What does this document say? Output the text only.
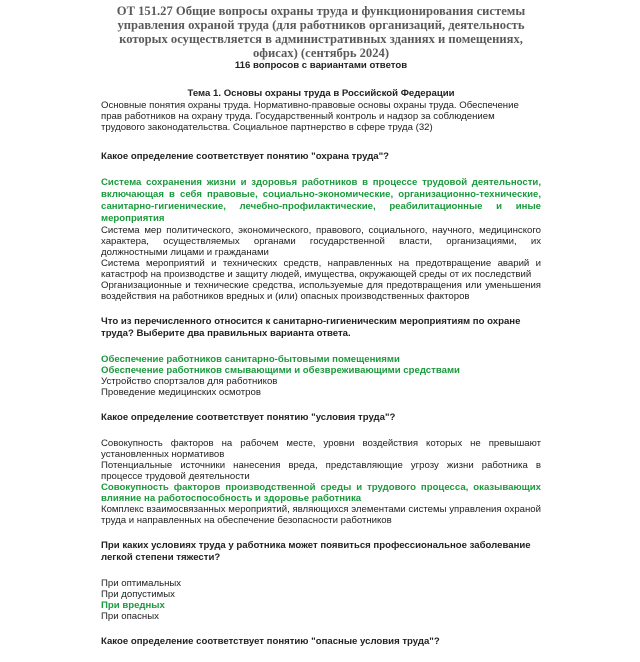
ОТ 151.27 Общие вопросы охраны труда и функционирования системы управления охраной труда (для работников организаций, деятельность которых осуществляется в административных зданиях и помещениях, офисах) (сентябрь 2024)

116 вопросов с вариантами ответов

Тема 1. Основы охраны труда в Российской Федерации

Основные понятия охраны труда. Нормативно-правовые основы охраны труда. Обеспечение прав работников на охрану труда. Государственный контроль и надзор за соблюдением трудового законодательства. Социальное партнерство в сфере труда (32)

Какое определение соответствует понятию "охрана труда"?

Система сохранения жизни и здоровья работников в процессе трудовой деятельности, включающая в себя правовые, социально-экономические, организационно-технические, санитарно-гигиенические, лечебно-профилактические, реабилитационные и иные мероприятия

Система мер политического, экономического, правового, социального, научного, медицинского характера, осуществляемых органами государственной власти, организациями, их должностными лицами и гражданами

Система мероприятий и технических средств, направленных на предотвращение аварий и катастроф на производстве и защиту людей, имущества, окружающей среды от их последствий

Организационные и технические средства, используемые для предотвращения или уменьшения воздействия на работников вредных и (или) опасных производственных факторов

Что из перечисленного относится к санитарно-гигиеническим мероприятиям по охране труда? Выберите два правильных варианта ответа.

Обеспечение работников санитарно-бытовыми помещениями

Обеспечение работников смывающими и обезвреживающими средствами

Устройство спортзалов для работников

Проведение медицинских осмотров

Какое определение соответствует понятию "условия труда"?

Совокупность факторов на рабочем месте, уровни воздействия которых не превышают установленных нормативов

Потенциальные источники нанесения вреда, представляющие угрозу жизни работника в процессе трудовой деятельности

Совокупность факторов производственной среды и трудового процесса, оказывающих влияние на работоспособность и здоровье работника

Комплекс взаимосвязанных мероприятий, являющихся элементами системы управления охраной труда и направленных на обеспечение безопасности работников

При каких условиях труда у работника может появиться профессиональное заболевание легкой степени тяжести?

При оптимальных

При допустимых

При вредных

При опасных

Какое определение соответствует понятию "опасные условия труда"?
